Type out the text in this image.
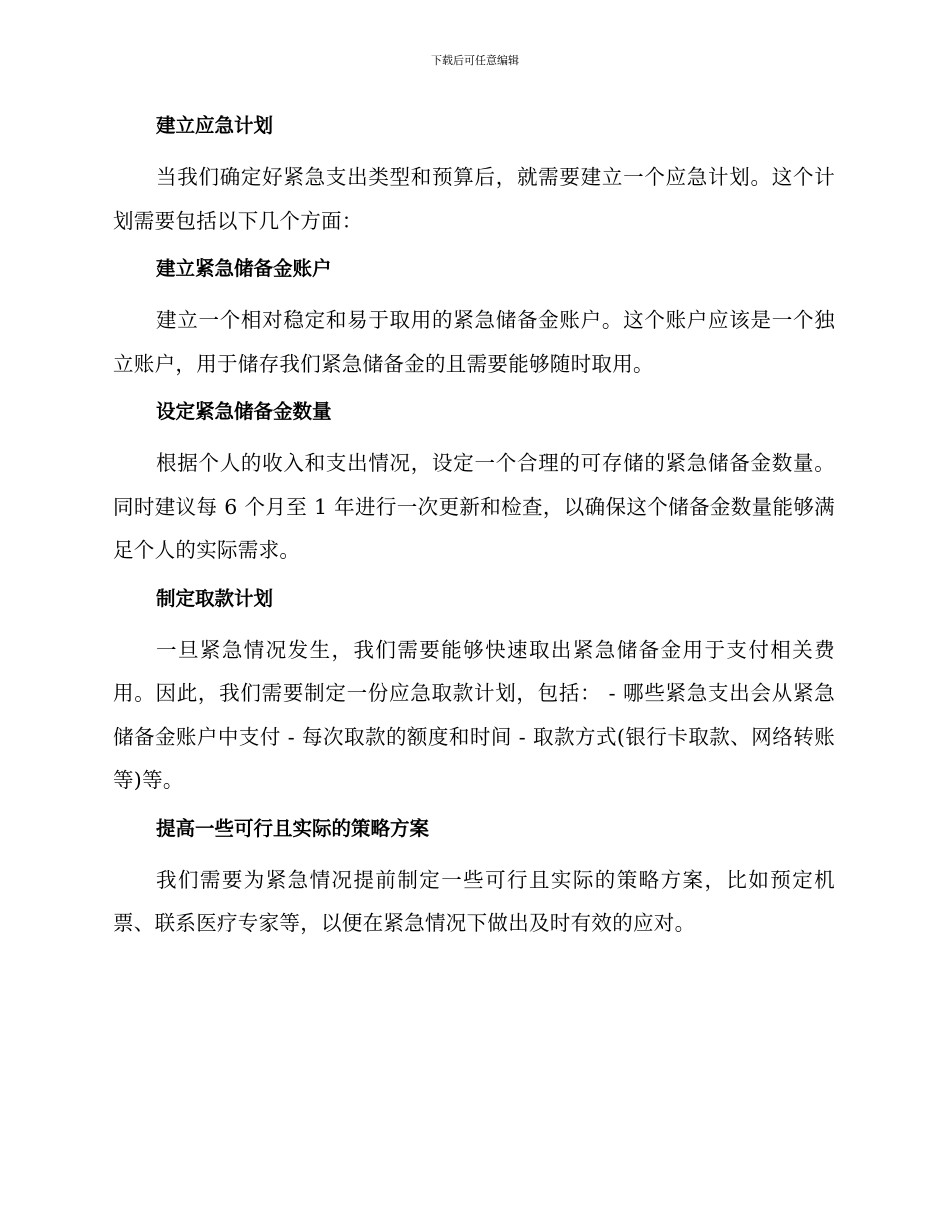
下载后可任意编辑
建立应急计划

当我们确定好紧急支出类型和预算后，就需要建立一个应急计划。这个计划需要包括以下几个方面：

建立紧急储备金账户

建立一个相对稳定和易于取用的紧急储备金账户。这个账户应该是一个独立账户，用于储存我们紧急储备金的且需要能够随时取用。

设定紧急储备金数量

根据个人的收入和支出情况，设定一个合理的可存储的紧急储备金数量。同时建议每 6 个月至 1 年进行一次更新和检查，以确保这个储备金数量能够满足个人的实际需求。

制定取款计划

一旦紧急情况发生，我们需要能够快速取出紧急储备金用于支付相关费用。因此，我们需要制定一份应急取款计划，包括： - 哪些紧急支出会从紧急储备金账户中支付 - 每次取款的额度和时间 - 取款方式(银行卡取款、网络转账等)等。

提高一些可行且实际的策略方案

我们需要为紧急情况提前制定一些可行且实际的策略方案，比如预定机票、联系医疗专家等，以便在紧急情况下做出及时有效的应对。
